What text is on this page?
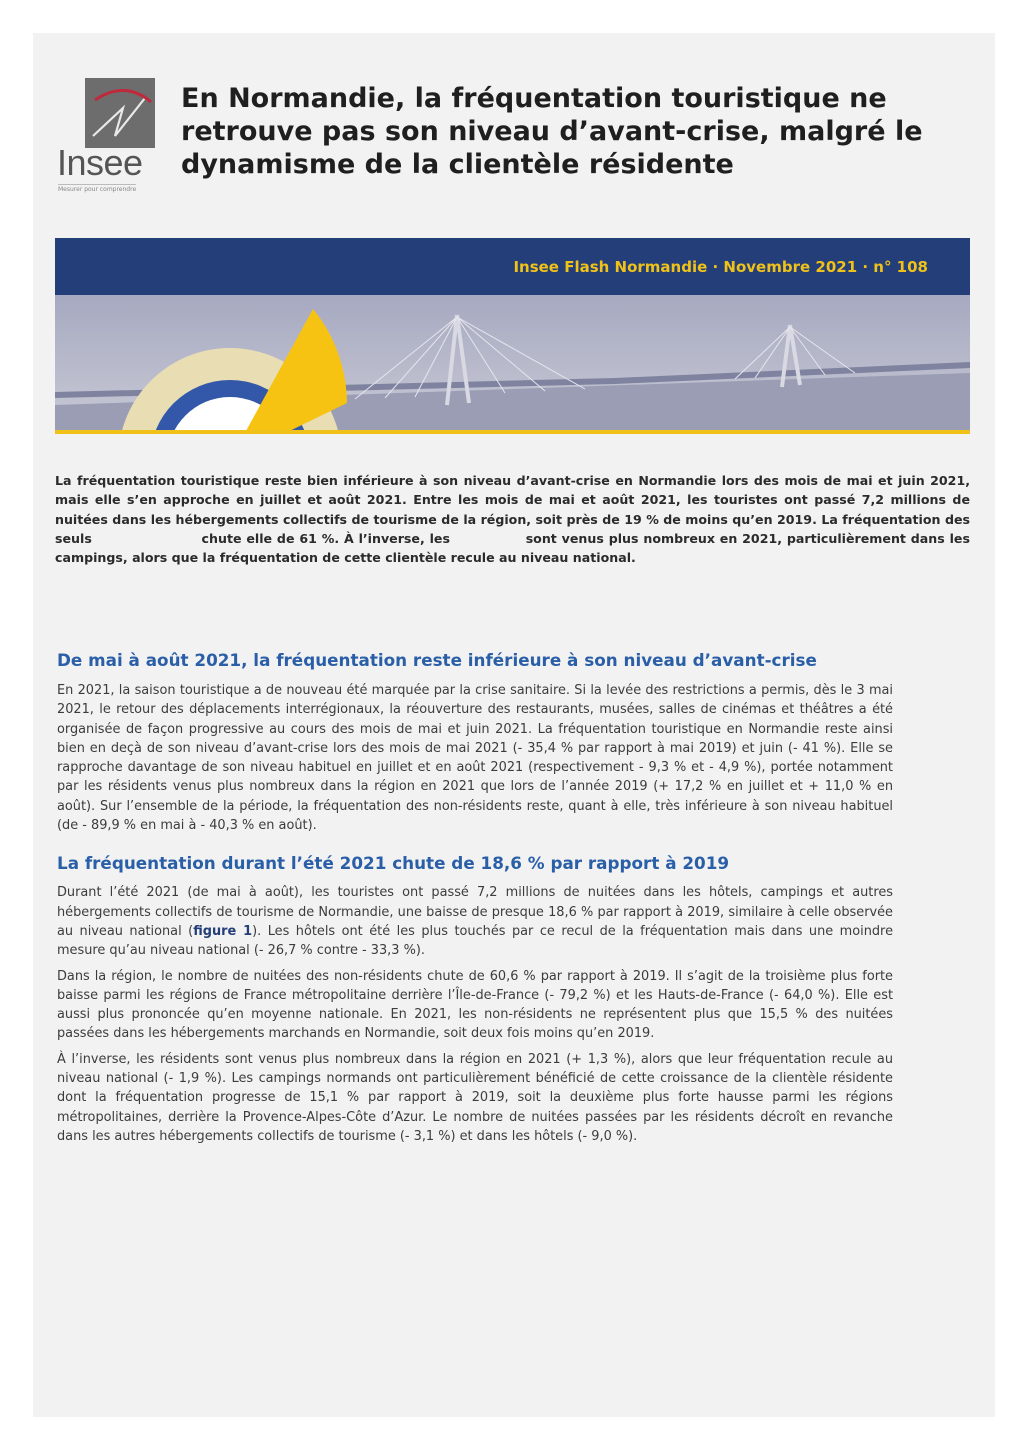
Insee
Mesurer pour comprendre
En Normandie, la fréquentation touristique ne retrouve pas son niveau d’avant-crise, malgré le dynamisme de la clientèle résidente
Insee Flash Normandie · Novembre 2021 · n° 108

La fréquentation touristique reste bien inférieure à son niveau d’avant-crise en Normandie lors des mois de mai et juin 2021, mais elle s’en approche en juillet et août 2021. Entre les mois de mai et août 2021, les touristes ont passé 7,2 millions de nuitées dans les hébergements collectifs de tourisme de la région, soit près de 19 % de moins qu’en 2019. La fréquentation des seuls	chute elle de 61 %. À l’inverse, les	sont venus plus nombreux en 2021, particulièrement dans les campings, alors que la fréquentation de cette clientèle recule au niveau national.

De mai à août 2021, la fréquentation reste inférieure à son niveau d’avant-crise

En 2021, la saison touristique a de nouveau été marquée par la crise sanitaire. Si la levée des restrictions a permis, dès le 3 mai 2021, le retour des déplacements interrégionaux, la réouverture des restaurants, musées, salles de cinémas et théâtres a été organisée de façon progressive au cours des mois de mai et juin 2021. La fréquentation touristique en Normandie reste ainsi bien en deçà de son niveau d’avant-crise lors des mois de mai 2021 (- 35,4 % par rapport à mai 2019) et juin (- 41 %). Elle se rapproche davantage de son niveau habituel en juillet et en août 2021 (respectivement - 9,3 % et - 4,9 %), portée notamment par les résidents venus plus nombreux dans la région en 2021 que lors de l’année 2019 (+ 17,2 % en juillet et + 11,0 % en août). Sur l’ensemble de la période, la fréquentation des non-résidents reste, quant à elle, très inférieure à son niveau habituel (de - 89,9 % en mai à - 40,3 % en août).

La fréquentation durant l’été 2021 chute de 18,6 % par rapport à 2019

Durant l’été 2021 (de mai à août), les touristes ont passé 7,2 millions de nuitées dans les hôtels, campings et autres hébergements collectifs de tourisme de Normandie, une baisse de presque 18,6 % par rapport à 2019, similaire à celle observée au niveau national (figure 1). Les hôtels ont été les plus touchés par ce recul de la fréquentation mais dans une moindre mesure qu’au niveau national (- 26,7 % contre - 33,3 %).

Dans la région, le nombre de nuitées des non-résidents chute de 60,6 % par rapport à 2019. Il s’agit de la troisième plus forte baisse parmi les régions de France métropolitaine derrière l’Île-de-France (- 79,2 %) et les Hauts-de-France (- 64,0 %). Elle est aussi plus prononcée qu’en moyenne nationale. En 2021, les non-résidents ne représentent plus que 15,5 % des nuitées passées dans les hébergements marchands en Normandie, soit deux fois moins qu’en 2019.

À l’inverse, les résidents sont venus plus nombreux dans la région en 2021 (+ 1,3 %), alors que leur fréquentation recule au niveau national (- 1,9 %). Les campings normands ont particulièrement bénéficié de cette croissance de la clientèle résidente dont la fréquentation progresse de 15,1 % par rapport à 2019, soit la deuxième plus forte hausse parmi les régions métropolitaines, derrière la Provence-Alpes-Côte d’Azur. Le nombre de nuitées passées par les résidents décroît en revanche dans les autres hébergements collectifs de tourisme (- 3,1 %) et dans les hôtels (- 9,0 %).
